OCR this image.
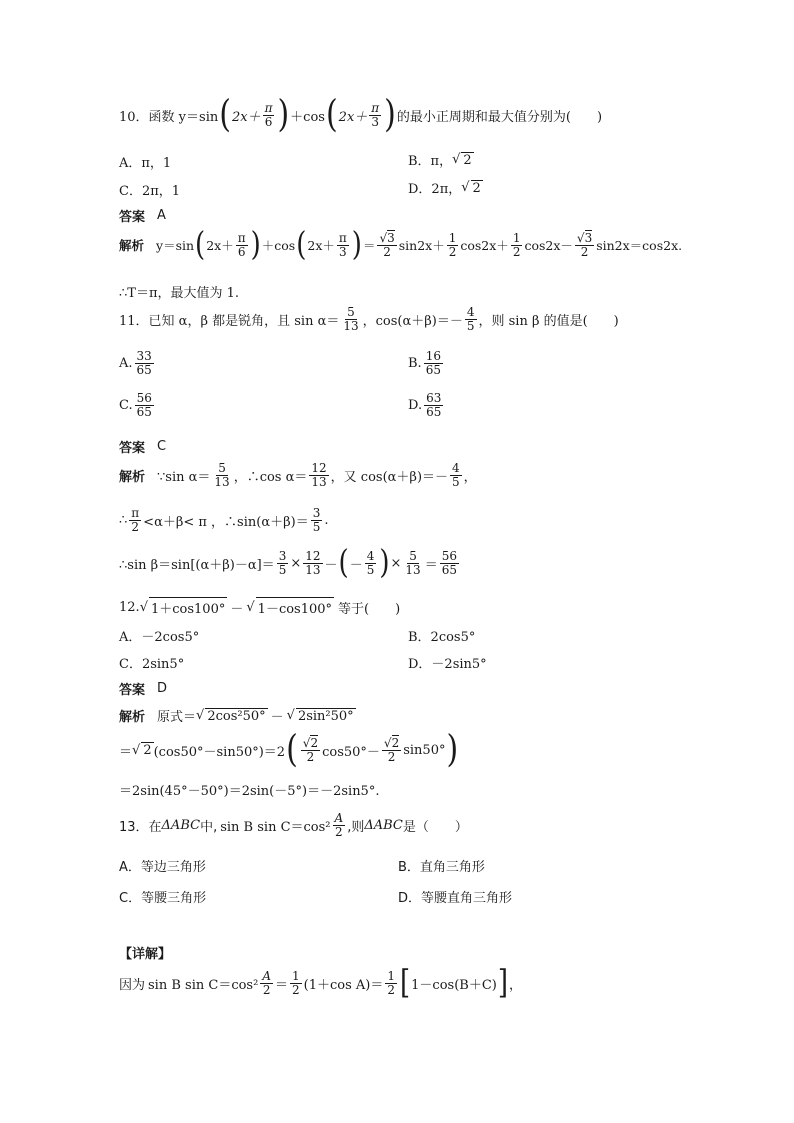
10．函数 y＝sin ( $2x+ \frac{\pi}{6}$ ) ＋cos ( $2x+ \frac{\pi}{3}$ ) 的最小正周期和最大值分别为(　　)
A．π，1	B．π， √ 2
C．2π，1	D．2π， √ 2
答案 A
解析 y＝sin ( $2x+ \frac{\pi}{6}$ ) ＋cos ( $2x+ \frac{\pi}{3}$ ) ＝ $\frac{√3}{2} \sin 2x+ \frac{1}{2} \cos 2x+ \frac{1}{2} \cos 2x- \frac{√3}{2} \sin 2x=\cos 2x$.
∴T＝π，最大值为 1.
11．已知 α，β 都是锐角，且 $\sin \alpha= \frac{5}{13}$ ，$\cos(\alpha+\beta)=- \frac{4}{5}$ ，则 sin β 的值是(　　)
A. $\frac{33}{65}$	B. $\frac{16}{65}$
C. $\frac{56}{65}$	D. $\frac{63}{65}$
答案 C
解析 ∵sin $\alpha= \frac{5}{13}$ ，∴cos $\alpha= \frac{12}{13}$ ，又 $\cos(\alpha+\beta)=- \frac{4}{5}$ ，
∴ $\frac{\pi}{2} <\alpha+\beta< \pi$ ，∴sin(α＋β)＝ $\frac{3}{5}$ .
∴sin $\beta=\sin[(\alpha+\beta)-\alpha]= \frac{3}{5} \times \frac{12}{13}$ － ( － $\frac{4}{5}$ ) × $\frac{5}{13} = \frac{56}{65}$
12. √ 1＋cos100° － √ 1－cos100° 等于(　　)
A．－2cos5°	B．2cos5°
C．2sin5°	D．－2sin5°
答案 D
解析 原式＝ √ 2cos²50° － √ 2sin²50°
＝ √ 2 (cos50°－sin50°)＝2 ( $\frac{√2}{2} \cos 50^\circ- \frac{√2}{2} \sin 50^\circ$ )
＝2sin(45°－50°)＝2sin(－5°)＝－2sin5°.
13．在 ΔABC 中, sin B $\sin C=\cos^2 \frac{A}{2}$ ,则 ΔABC 是（　　）
A．等边三角形	B．直角三角形
C．等腰三角形	D．等腰直角三角形
【详解】
因为 sin B $\sin C=\cos^2 \frac{A}{2} = \frac{1}{2} (1+\cos$ $A)= \frac{1}{2}$ [ 1－cos(B＋C) ] ，
